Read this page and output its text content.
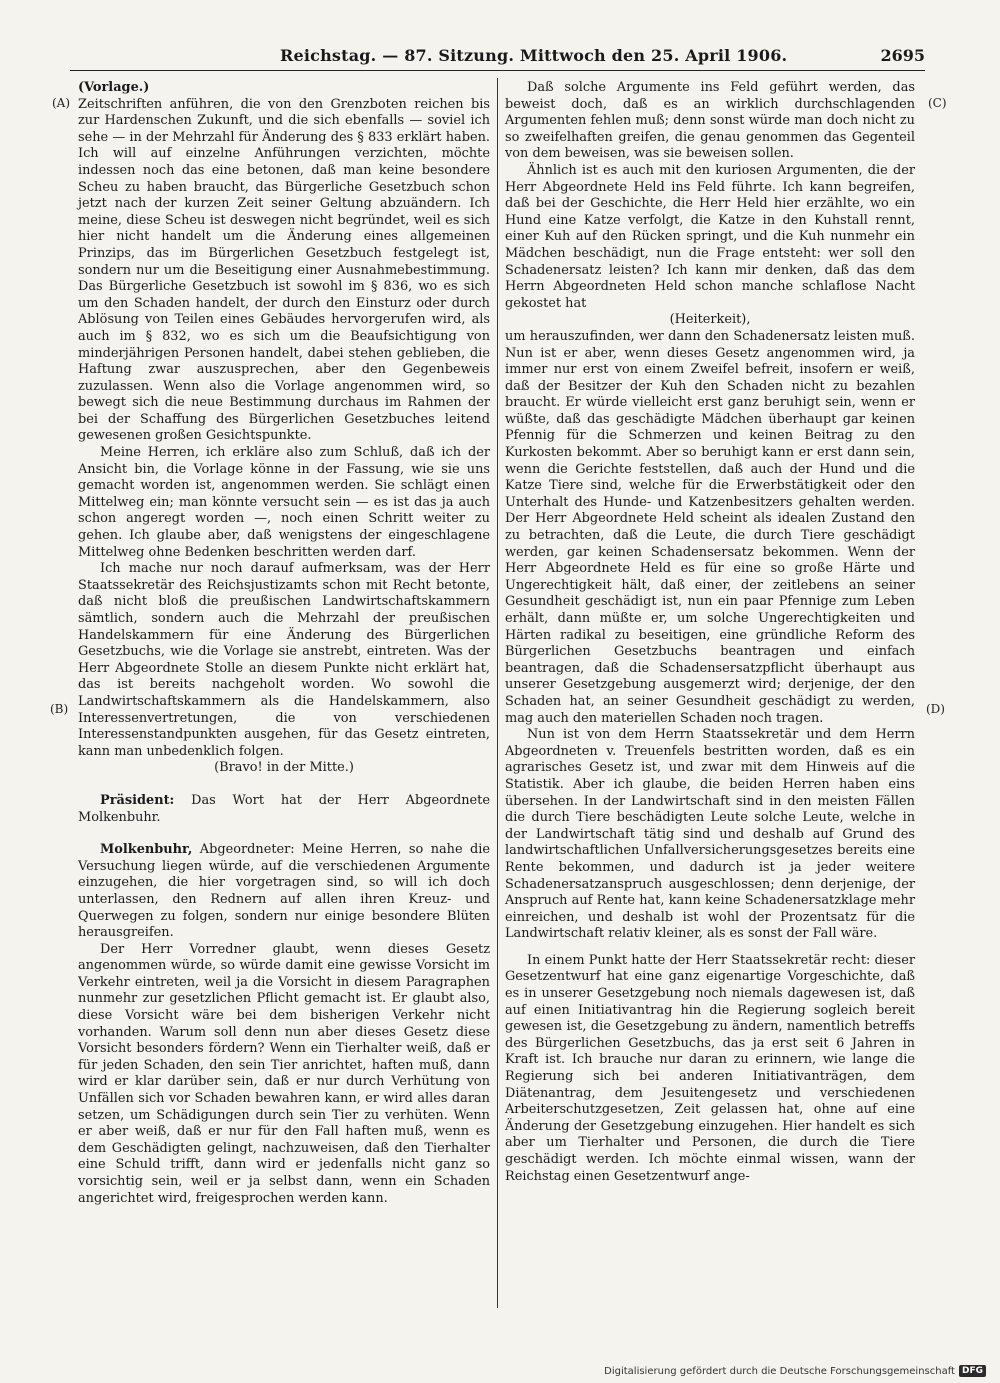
Reichstag. — 87. Sitzung. Mittwoch den 25. April 1906.	2695
(A)
(B)
(C)
(D)

(Vorlage.)

Zeitschriften anführen, die von den Grenzboten reichen bis zur Hardenschen Zukunft, und die sich ebenfalls — soviel ich sehe — in der Mehrzahl für Änderung des § 833 erklärt haben. Ich will auf einzelne Anführungen verzichten, möchte indessen noch das eine betonen, daß man keine besondere Scheu zu haben braucht, das Bürgerliche Gesetzbuch schon jetzt nach der kurzen Zeit seiner Geltung abzuändern. Ich meine, diese Scheu ist deswegen nicht begründet, weil es sich hier nicht handelt um die Änderung eines allgemeinen Prinzips, das im Bürgerlichen Gesetzbuch festgelegt ist, sondern nur um die Beseitigung einer Ausnahmebestimmung. Das Bürgerliche Gesetzbuch ist sowohl im § 836, wo es sich um den Schaden handelt, der durch den Einsturz oder durch Ablösung von Teilen eines Gebäudes hervorgerufen wird, als auch im § 832, wo es sich um die Beaufsichtigung von minderjährigen Personen handelt, dabei stehen geblieben, die Haftung zwar auszusprechen, aber den Gegenbeweis zuzulassen. Wenn also die Vorlage angenommen wird, so bewegt sich die neue Bestimmung durchaus im Rahmen der bei der Schaffung des Bürgerlichen Gesetzbuches leitend gewesenen großen Gesichtspunkte.

Meine Herren, ich erkläre also zum Schluß, daß ich der Ansicht bin, die Vorlage könne in der Fassung, wie sie uns gemacht worden ist, angenommen werden. Sie schlägt einen Mittelweg ein; man könnte versucht sein — es ist das ja auch schon angeregt worden —, noch einen Schritt weiter zu gehen. Ich glaube aber, daß wenigstens der eingeschlagene Mittelweg ohne Bedenken beschritten werden darf.

Ich mache nur noch darauf aufmerksam, was der Herr Staatssekretär des Reichsjustizamts schon mit Recht betonte, daß nicht bloß die preußischen Landwirtschaftskammern sämtlich, sondern auch die Mehrzahl der preußischen Handelskammern für eine Änderung des Bürgerlichen Gesetzbuchs, wie die Vorlage sie anstrebt, eintreten. Was der Herr Abgeordnete Stolle an diesem Punkte nicht erklärt hat, das ist bereits nachgeholt worden. Wo sowohl die Landwirtschaftskammern als die Handelskammern, also Interessenvertretungen, die von verschiedenen Interessenstandpunkten ausgehen, für das Gesetz eintreten, kann man unbedenklich folgen.

(Bravo! in der Mitte.)

Präsident: Das Wort hat der Herr Abgeordnete Molkenbuhr.

Molkenbuhr, Abgeordneter: Meine Herren, so nahe die Versuchung liegen würde, auf die verschiedenen Argumente einzugehen, die hier vorgetragen sind, so will ich doch unterlassen, den Rednern auf allen ihren Kreuz- und Querwegen zu folgen, sondern nur einige besondere Blüten herausgreifen.

Der Herr Vorredner glaubt, wenn dieses Gesetz angenommen würde, so würde damit eine gewisse Vorsicht im Verkehr eintreten, weil ja die Vorsicht in diesem Paragraphen nunmehr zur gesetzlichen Pflicht gemacht ist. Er glaubt also, diese Vorsicht wäre bei dem bisherigen Verkehr nicht vorhanden. Warum soll denn nun aber dieses Gesetz diese Vorsicht besonders fördern? Wenn ein Tierhalter weiß, daß er für jeden Schaden, den sein Tier anrichtet, haften muß, dann wird er klar darüber sein, daß er nur durch Verhütung von Unfällen sich vor Schaden bewahren kann, er wird alles daran setzen, um Schädigungen durch sein Tier zu verhüten. Wenn er aber weiß, daß er nur für den Fall haften muß, wenn es dem Geschädigten gelingt, nachzuweisen, daß den Tierhalter eine Schuld trifft, dann wird er jedenfalls nicht ganz so vorsichtig sein, weil er ja selbst dann, wenn ein Schaden angerichtet wird, freigesprochen werden kann.

Daß solche Argumente ins Feld geführt werden, das beweist doch, daß es an wirklich durchschlagenden Argumenten fehlen muß; denn sonst würde man doch nicht zu so zweifelhaften greifen, die genau genommen das Gegenteil von dem beweisen, was sie beweisen sollen.

Ähnlich ist es auch mit den kuriosen Argumenten, die der Herr Abgeordnete Held ins Feld führte. Ich kann begreifen, daß bei der Geschichte, die Herr Held hier erzählte, wo ein Hund eine Katze verfolgt, die Katze in den Kuhstall rennt, einer Kuh auf den Rücken springt, und die Kuh nunmehr ein Mädchen beschädigt, nun die Frage entsteht: wer soll den Schadenersatz leisten? Ich kann mir denken, daß das dem Herrn Abgeordneten Held schon manche schlaflose Nacht gekostet hat

(Heiterkeit),

um herauszufinden, wer dann den Schadenersatz leisten muß. Nun ist er aber, wenn dieses Gesetz angenommen wird, ja immer nur erst von einem Zweifel befreit, insofern er weiß, daß der Besitzer der Kuh den Schaden nicht zu bezahlen braucht. Er würde vielleicht erst ganz beruhigt sein, wenn er wüßte, daß das geschädigte Mädchen überhaupt gar keinen Pfennig für die Schmerzen und keinen Beitrag zu den Kurkosten bekommt. Aber so beruhigt kann er erst dann sein, wenn die Gerichte feststellen, daß auch der Hund und die Katze Tiere sind, welche für die Erwerbstätigkeit oder den Unterhalt des Hunde- und Katzenbesitzers gehalten werden. Der Herr Abgeordnete Held scheint als idealen Zustand den zu betrachten, daß die Leute, die durch Tiere geschädigt werden, gar keinen Schadensersatz bekommen. Wenn der Herr Abgeordnete Held es für eine so große Härte und Ungerechtigkeit hält, daß einer, der zeitlebens an seiner Gesundheit geschädigt ist, nun ein paar Pfennige zum Leben erhält, dann müßte er, um solche Ungerechtigkeiten und Härten radikal zu beseitigen, eine gründliche Reform des Bürgerlichen Gesetzbuchs beantragen und einfach beantragen, daß die Schadensersatzpflicht überhaupt aus unserer Gesetzgebung ausgemerzt wird; derjenige, der den Schaden hat, an seiner Gesundheit geschädigt zu werden, mag auch den materiellen Schaden noch tragen.

Nun ist von dem Herrn Staatssekretär und dem Herrn Abgeordneten v. Treuenfels bestritten worden, daß es ein agrarisches Gesetz ist, und zwar mit dem Hinweis auf die Statistik. Aber ich glaube, die beiden Herren haben eins übersehen. In der Landwirtschaft sind in den meisten Fällen die durch Tiere beschädigten Leute solche Leute, welche in der Landwirtschaft tätig sind und deshalb auf Grund des landwirtschaftlichen Unfallversicherungsgesetzes bereits eine Rente bekommen, und dadurch ist ja jeder weitere Schadenersatzanspruch ausgeschlossen; denn derjenige, der Anspruch auf Rente hat, kann keine Schadenersatzklage mehr einreichen, und deshalb ist wohl der Prozentsatz für die Landwirtschaft relativ kleiner, als es sonst der Fall wäre.

In einem Punkt hatte der Herr Staatssekretär recht: dieser Gesetzentwurf hat eine ganz eigenartige Vorgeschichte, daß es in unserer Gesetzgebung noch niemals dagewesen ist, daß auf einen Initiativantrag hin die Regierung sogleich bereit gewesen ist, die Gesetzgebung zu ändern, namentlich betreffs des Bürgerlichen Gesetzbuchs, das ja erst seit 6 Jahren in Kraft ist. Ich brauche nur daran zu erinnern, wie lange die Regierung sich bei anderen Initiativanträgen, dem Diätenantrag, dem Jesuitengesetz und verschiedenen Arbeiterschutzgesetzen, Zeit gelassen hat, ohne auf eine Änderung der Gesetzgebung einzugehen. Hier handelt es sich aber um Tierhalter und Personen, die durch die Tiere geschädigt werden. Ich möchte einmal wissen, wann der Reichstag einen Gesetzentwurf ange-

Digitalisierung gefördert durch die Deutsche Forschungsgemeinschaft DFG
